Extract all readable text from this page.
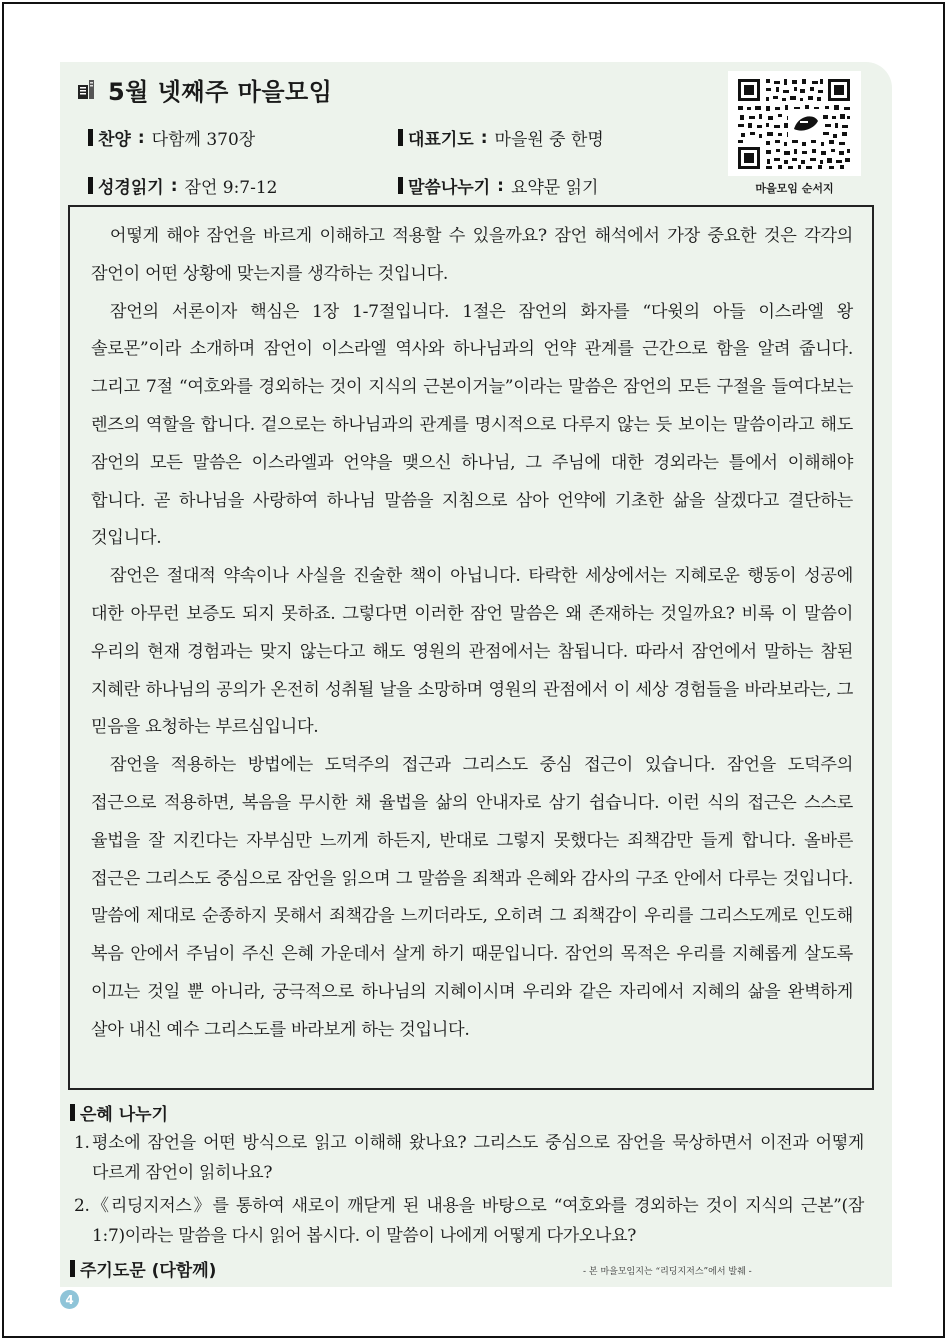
5월 넷째주 마을모임
찬양 : 다함께 370장	대표기도 : 마을원 중 한명
성경읽기 : 잠언 9:7-12	말씀나누기 : 요약문 읽기	마을모임 순서지

어떻게 해야 잠언을 바르게 이해하고 적용할 수 있을까요? 잠언 해석에서 가장 중요한 것은 각각의 잠언이 어떤 상황에 맞는지를 생각하는 것입니다.

잠언의 서론이자 핵심은 1장 1-7절입니다. 1절은 잠언의 화자를 “다윗의 아들 이스라엘 왕 솔로몬”이라 소개하며 잠언이 이스라엘 역사와 하나님과의 언약 관계를 근간으로 함을 알려 줍니다. 그리고 7절 “여호와를 경외하는 것이 지식의 근본이거늘”이라는 말씀은 잠언의 모든 구절을 들여다보는 렌즈의 역할을 합니다. 겉으로는 하나님과의 관계를 명시적으로 다루지 않는 듯 보이는 말씀이라고 해도 잠언의 모든 말씀은 이스라엘과 언약을 맺으신 하나님, 그 주님에 대한 경외라는 틀에서 이해해야 합니다. 곧 하나님을 사랑하여 하나님 말씀을 지침으로 삼아 언약에 기초한 삶을 살겠다고 결단하는 것입니다.

잠언은 절대적 약속이나 사실을 진술한 책이 아닙니다. 타락한 세상에서는 지혜로운 행동이 성공에 대한 아무런 보증도 되지 못하죠. 그렇다면 이러한 잠언 말씀은 왜 존재하는 것일까요? 비록 이 말씀이 우리의 현재 경험과는 맞지 않는다고 해도 영원의 관점에서는 참됩니다. 따라서 잠언에서 말하는 참된 지혜란 하나님의 공의가 온전히 성취될 날을 소망하며 영원의 관점에서 이 세상 경험들을 바라보라는, 그 믿음을 요청하는 부르심입니다.

잠언을 적용하는 방법에는 도덕주의 접근과 그리스도 중심 접근이 있습니다. 잠언을 도덕주의 접근으로 적용하면, 복음을 무시한 채 율법을 삶의 안내자로 삼기 쉽습니다. 이런 식의 접근은 스스로 율법을 잘 지킨다는 자부심만 느끼게 하든지, 반대로 그렇지 못했다는 죄책감만 들게 합니다. 올바른 접근은 그리스도 중심으로 잠언을 읽으며 그 말씀을 죄책과 은혜와 감사의 구조 안에서 다루는 것입니다. 말씀에 제대로 순종하지 못해서 죄책감을 느끼더라도, 오히려 그 죄책감이 우리를 그리스도께로 인도해 복음 안에서 주님이 주신 은혜 가운데서 살게 하기 때문입니다. 잠언의 목적은 우리를 지혜롭게 살도록 이끄는 것일 뿐 아니라, 궁극적으로 하나님의 지혜이시며 우리와 같은 자리에서 지혜의 삶을 완벽하게 살아 내신 예수 그리스도를 바라보게 하는 것입니다.

은혜 나누기
1. 평소에 잠언을 어떤 방식으로 읽고 이해해 왔나요? 그리스도 중심으로 잠언을 묵상하면서 이전과 어떻게 다르게 잠언이 읽히나요?
2. 《리딩지저스》를 통하여 새로이 깨닫게 된 내용을 바탕으로 “여호와를 경외하는 것이 지식의 근본”(잠 1:7)이라는 말씀을 다시 읽어 봅시다. 이 말씀이 나에게 어떻게 다가오나요?
주기도문 (다함께)	- 본 마을모임지는 “리딩지저스”에서 발췌 -
4
